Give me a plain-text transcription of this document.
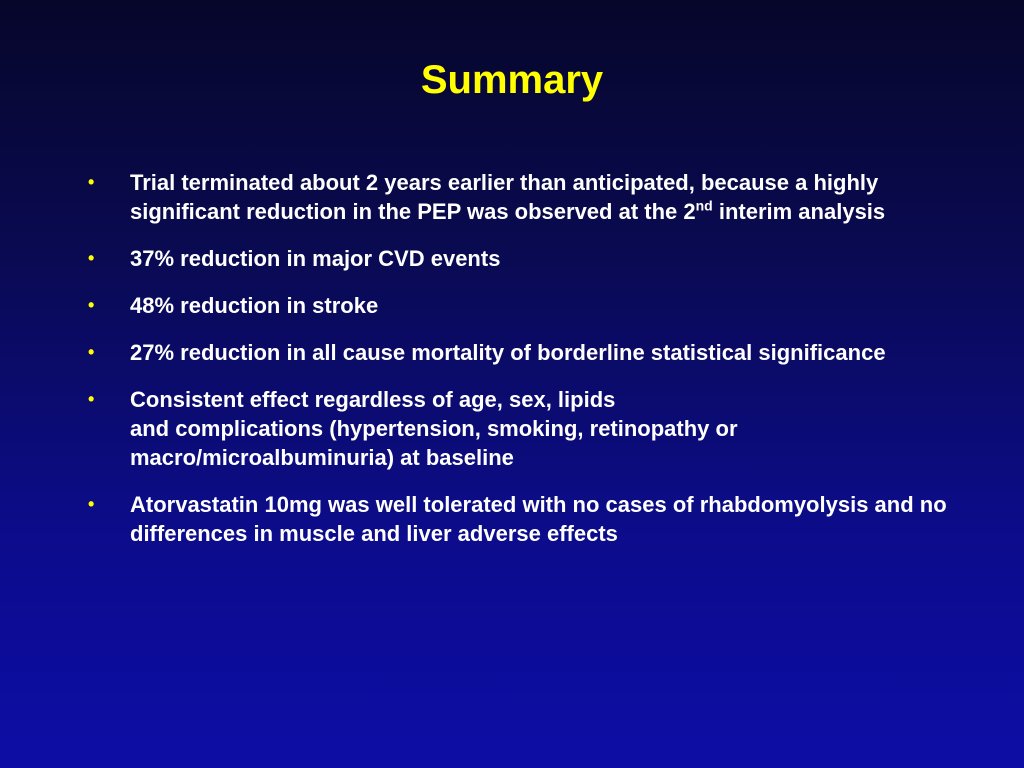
Summary
• Trial terminated about 2 years earlier than anticipated, because a highly significant reduction in the PEP was observed at the 2nd interim analysis
• 37% reduction in major CVD events
• 48% reduction in stroke
• 27% reduction in all cause mortality of borderline statistical significance
• Consistent effect regardless of age, sex, lipids
and complications (hypertension, smoking, retinopathy or macro/microalbuminuria) at baseline
• Atorvastatin 10mg was well tolerated with no cases of rhabdomyolysis and no differences in muscle and liver adverse effects
